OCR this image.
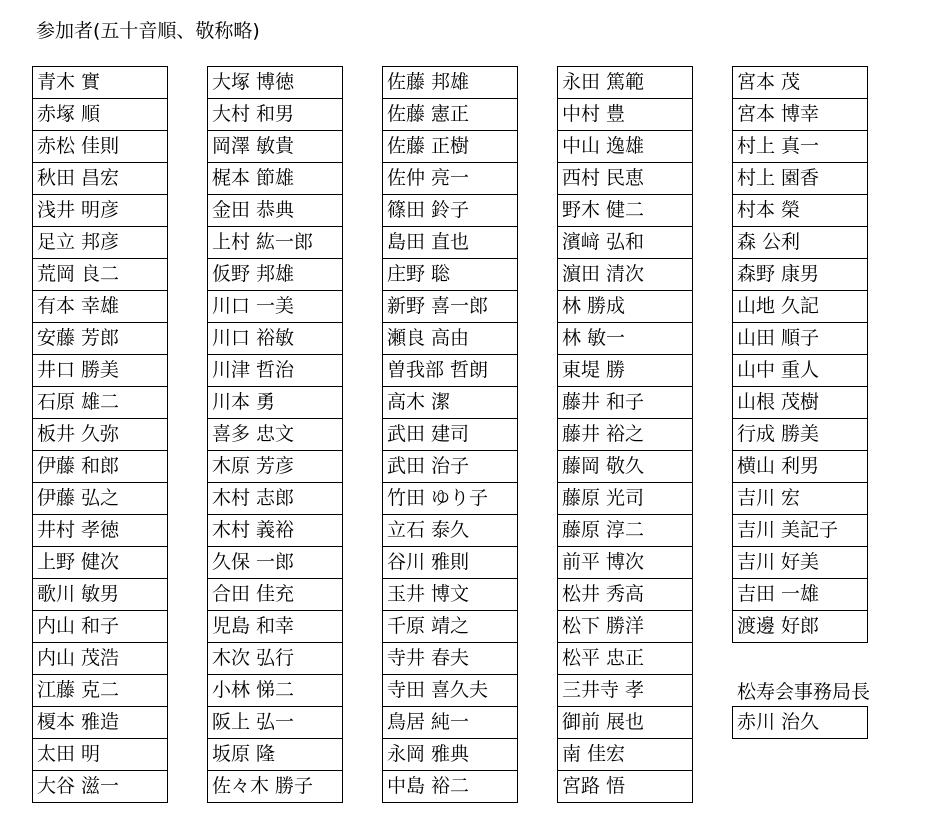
参加者(五十音順、敬称略)
青木 實
赤塚 順
赤松 佳則
秋田 昌宏
浅井 明彦
足立 邦彦
荒岡 良二
有本 幸雄
安藤 芳郎
井口 勝美
石原 雄二
板井 久弥
伊藤 和郎
伊藤 弘之
井村 孝徳
上野 健次
歌川 敏男
内山 和子
内山 茂浩
江藤 克二
榎本 雅造
太田 明
大谷 滋一
大塚 博徳
大村 和男
岡澤 敏貴
梶本 節雄
金田 恭典
上村 紘一郎
仮野 邦雄
川口 一美
川口 裕敏
川津 哲治
川本 勇
喜多 忠文
木原 芳彦
木村 志郎
木村 義裕
久保 一郎
合田 佳充
児島 和幸
木次 弘行
小林 悌二
阪上 弘一
坂原 隆
佐々木 勝子
佐藤 邦雄
佐藤 憲正
佐藤 正樹
佐仲 亮一
篠田 鈴子
島田 直也
庄野 聡
新野 喜一郎
瀬良 高由
曽我部 哲朗
高木 潔
武田 建司
武田 治子
竹田 ゆり子
立石 泰久
谷川 雅則
玉井 博文
千原 靖之
寺井 春夫
寺田 喜久夫
鳥居 純一
永岡 雅典
中島 裕二
永田 篤範
中村 豊
中山 逸雄
西村 民恵
野木 健二
濱﨑 弘和
濵田 清次
林 勝成
林 敏一
東堤 勝
藤井 和子
藤井 裕之
藤岡 敬久
藤原 光司
藤原 淳二
前平 博次
松井 秀高
松下 勝洋
松平 忠正
三井寺 孝
御前 展也
南 佳宏
宮路 悟
宮本 茂
宮本 博幸
村上 真一
村上 園香
村本 榮
森 公利
森野 康男
山地 久記
山田 順子
山中 重人
山根 茂樹
行成 勝美
横山 利男
吉川 宏
吉川 美記子
吉川 好美
吉田 一雄
渡邊 好郎
松寿会事務局長
赤川 治久
